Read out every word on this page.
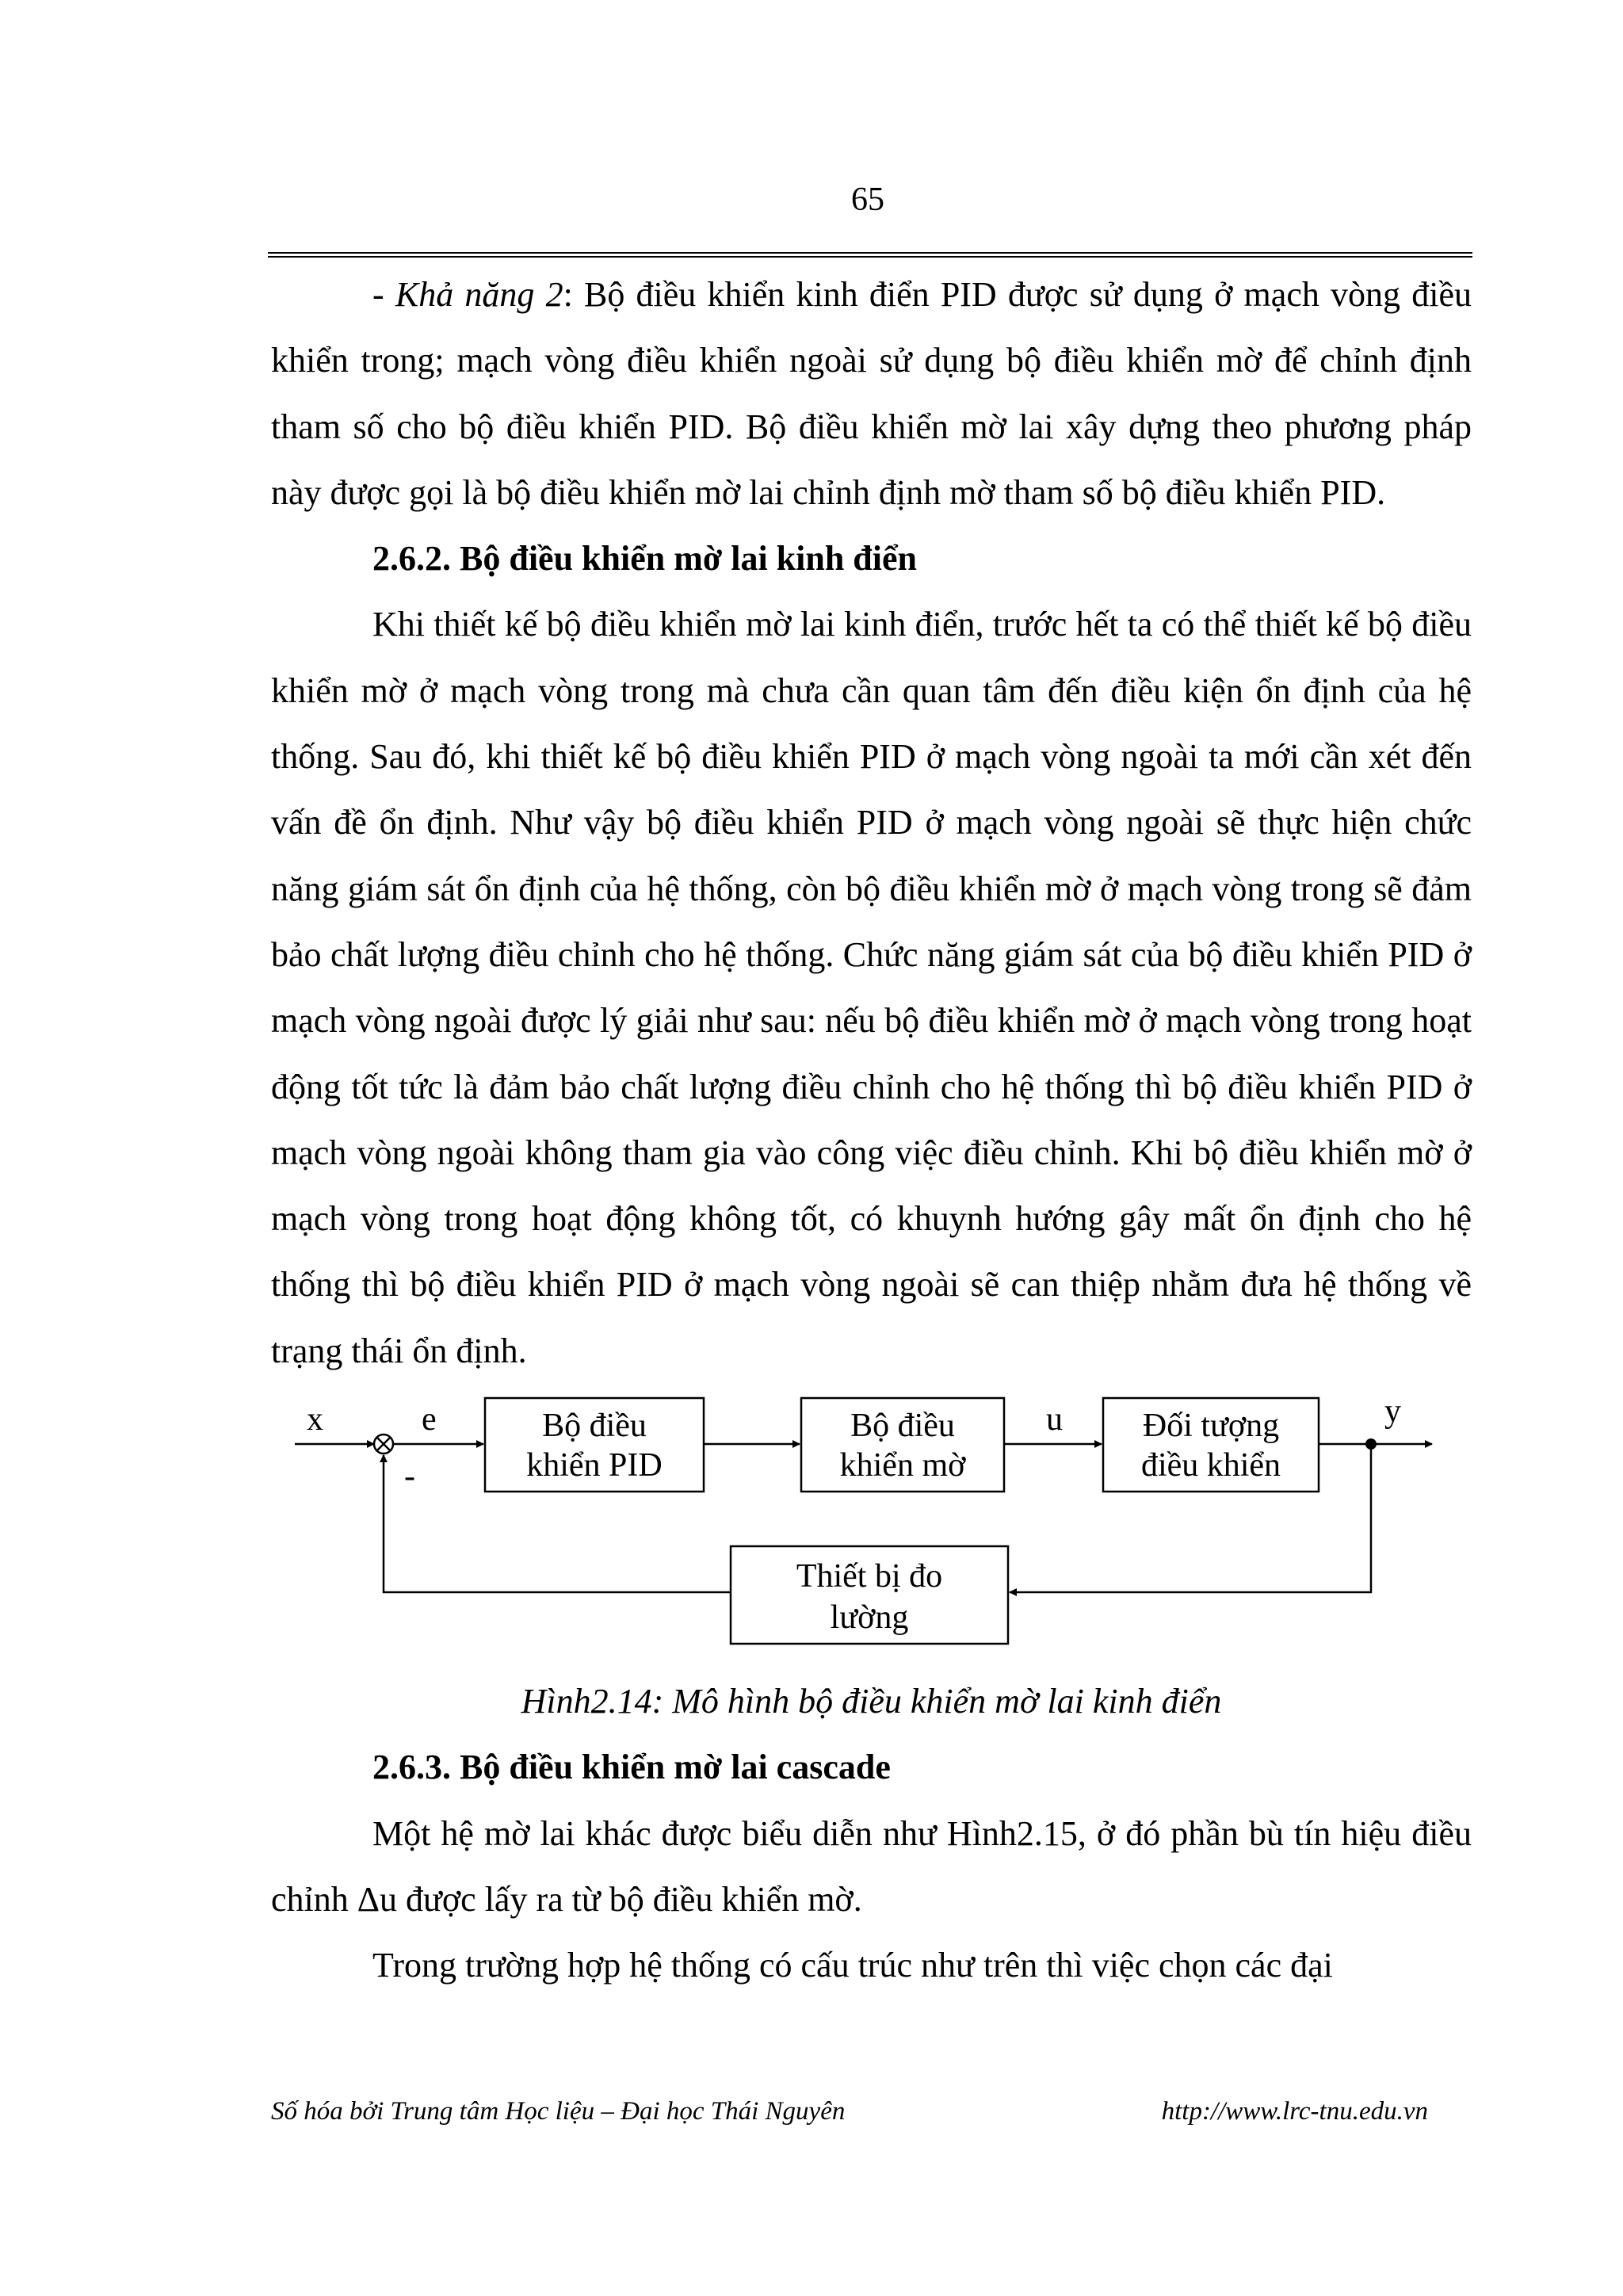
65

- Khả năng 2: Bộ điều khiển kinh điển PID được sử dụng ở mạch vòng điều khiển trong; mạch vòng điều khiển ngoài sử dụng bộ điều khiển mờ để chỉnh định tham số cho bộ điều khiển PID. Bộ điều khiển mờ lai xây dựng theo phương pháp này được gọi là bộ điều khiển mờ lai chỉnh định mờ tham số bộ điều khiển PID.

2.6.2. Bộ điều khiển mờ lai kinh điển

Khi thiết kế bộ điều khiển mờ lai kinh điển, trước hết ta có thể thiết kế bộ điều khiển mờ ở mạch vòng trong mà chưa cần quan tâm đến điều kiện ổn định của hệ thống. Sau đó, khi thiết kế bộ điều khiển PID ở mạch vòng ngoài ta mới cần xét đến vấn đề ổn định. Như vậy bộ điều khiển PID ở mạch vòng ngoài sẽ thực hiện chức năng giám sát ổn định của hệ thống, còn bộ điều khiển mờ ở mạch vòng trong sẽ đảm bảo chất lượng điều chỉnh cho hệ thống. Chức năng giám sát của bộ điều khiển PID ở mạch vòng ngoài được lý giải như sau: nếu bộ điều khiển mờ ở mạch vòng trong hoạt động tốt tức là đảm bảo chất lượng điều chỉnh cho hệ thống thì bộ điều khiển PID ở mạch vòng ngoài không tham gia vào công việc điều chỉnh. Khi bộ điều khiển mờ ở mạch vòng trong hoạt động không tốt, có khuynh hướng gây mất ổn định cho hệ thống thì bộ điều khiển PID ở mạch vòng ngoài sẽ can thiệp nhằm đưa hệ thống về trạng thái ổn định.

x	e
-
Bộ điều
khiển PID
Bộ điều
khiển mờ
u Đối tượng
điều khiển
y
Thiết bị đo
lường

Hình2.14: Mô hình bộ điều khiển mờ lai kinh điển

2.6.3. Bộ điều khiển mờ lai cascade

Một hệ mờ lai khác được biểu diễn như Hình2.15, ở đó phần bù tín hiệu điều chỉnh Δu được lấy ra từ bộ điều khiển mờ.

Trong trường hợp hệ thống có cấu trúc như trên thì việc chọn các đại

Số hóa bởi Trung tâm Học liệu – Đại học Thái Nguyên	http://www.lrc-tnu.edu.vn
